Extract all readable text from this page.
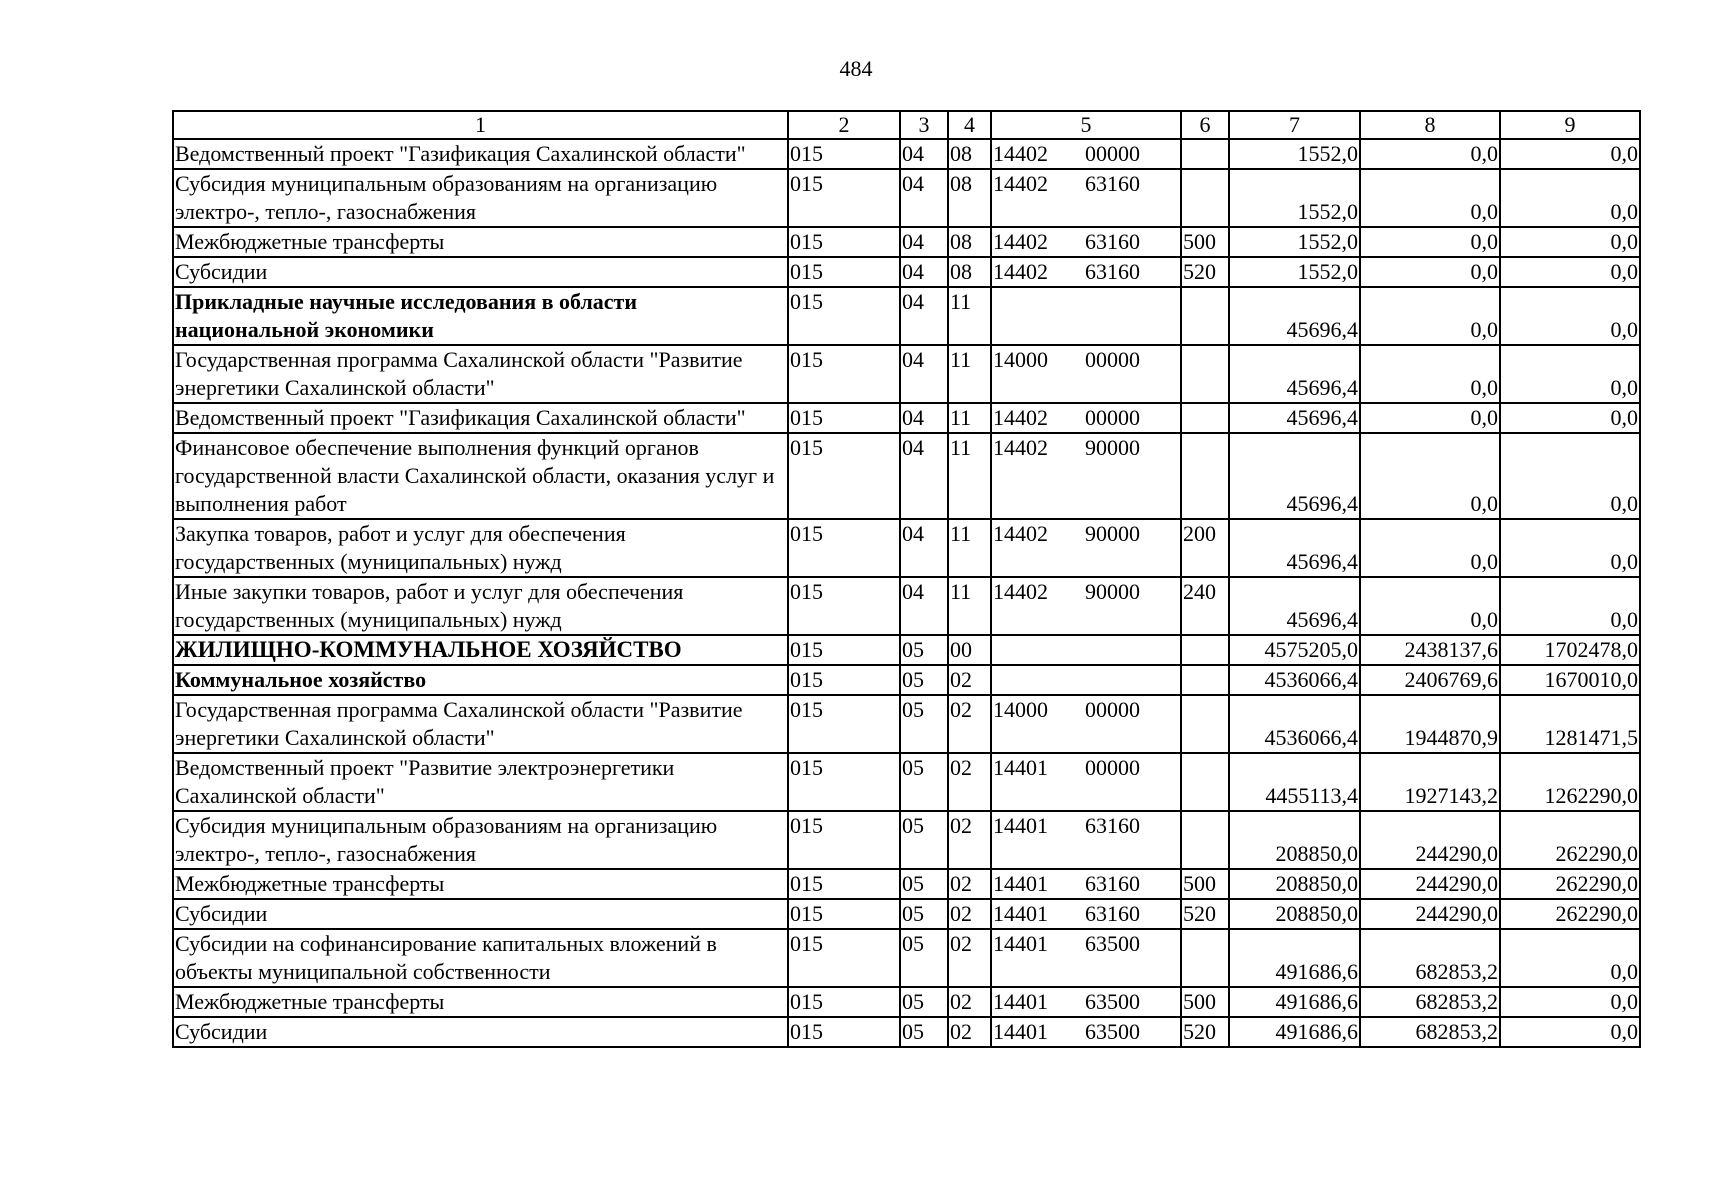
484
1	2	3	4	5	6	7	8	9
Ведомственный проект "Газификация Сахалинской области"	015	04	08	14402 00000		1552,0	0,0	0,0
Субсидия муниципальным образованиям на организацию электро-, тепло-, газоснабжения	015	04	08	14402 63160		1552,0	0,0	0,0
Межбюджетные трансферты	015	04	08	14402 63160	500	1552,0	0,0	0,0
Субсидии	015	04	08	14402 63160	520	1552,0	0,0	0,0
Прикладные научные исследования в области национальной экономики	015	04	11			45696,4	0,0	0,0
Государственная программа Сахалинской области "Развитие энергетики Сахалинской области"	015	04	11	14000 00000		45696,4	0,0	0,0
Ведомственный проект "Газификация Сахалинской области"	015	04	11	14402 00000		45696,4	0,0	0,0
Финансовое обеспечение выполнения функций органов государственной власти Сахалинской области, оказания услуг и выполнения работ	015	04	11	14402 90000		45696,4	0,0	0,0
Закупка товаров, работ и услуг для обеспечения государственных (муниципальных) нужд	015	04	11	14402 90000	200	45696,4	0,0	0,0
Иные закупки товаров, работ и услуг для обеспечения государственных (муниципальных) нужд	015	04	11	14402 90000	240	45696,4	0,0	0,0
ЖИЛИЩНО-КОММУНАЛЬНОЕ ХОЗЯЙСТВО	015	05	00			4575205,0	2438137,6	1702478,0
Коммунальное хозяйство	015	05	02			4536066,4	2406769,6	1670010,0
Государственная программа Сахалинской области "Развитие энергетики Сахалинской области"	015	05	02	14000 00000		4536066,4	1944870,9	1281471,5
Ведомственный проект "Развитие электроэнергетики Сахалинской области"	015	05	02	14401 00000		4455113,4	1927143,2	1262290,0
Субсидия муниципальным образованиям на организацию электро-, тепло-, газоснабжения	015	05	02	14401 63160		208850,0	244290,0	262290,0
Межбюджетные трансферты	015	05	02	14401 63160	500	208850,0	244290,0	262290,0
Субсидии	015	05	02	14401 63160	520	208850,0	244290,0	262290,0
Субсидии на софинансирование капитальных вложений в объекты муниципальной собственности	015	05	02	14401 63500		491686,6	682853,2	0,0
Межбюджетные трансферты	015	05	02	14401 63500	500	491686,6	682853,2	0,0
Субсидии	015	05	02	14401 63500	520	491686,6	682853,2	0,0
